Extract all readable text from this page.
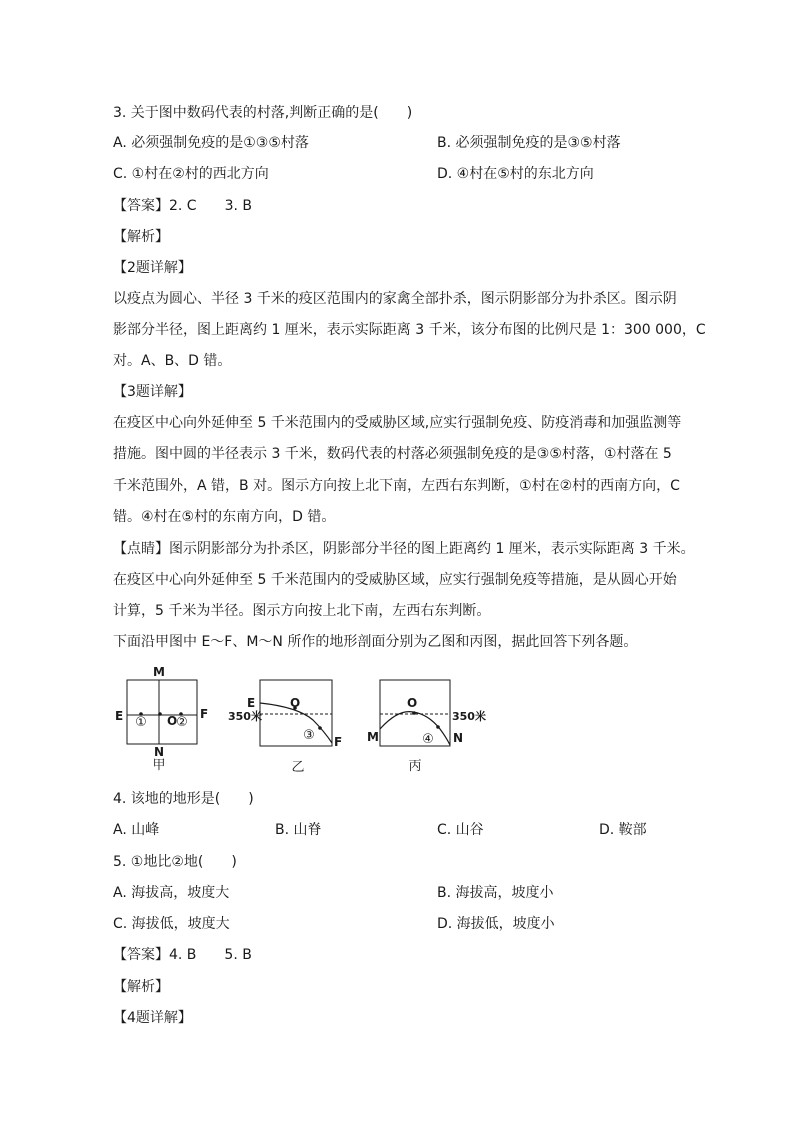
3. 关于图中数码代表的村落,判断正确的是(　　)
A. 必须强制免疫的是①③⑤村落	B. 必须强制免疫的是③⑤村落
C. ①村在②村的西北方向	D. ④村在⑤村的东北方向
【答案】2. C　　3. B
【解析】
【2题详解】
以疫点为圆心、半径 3 千米的疫区范围内的家禽全部扑杀，图示阴影部分为扑杀区。图示阴
影部分半径，图上距离约 1 厘米，表示实际距离 3 千米，该分布图的比例尺是 1：300 000，C
对。A、B、D 错。
【3题详解】
在疫区中心向外延伸至 5 千米范围内的受威胁区域,应实行强制免疫、防疫消毒和加强监测等
措施。图中圆的半径表示 3 千米，数码代表的村落必须强制免疫的是③⑤村落，①村落在 5
千米范围外，A 错，B 对。图示方向按上北下南，左西右东判断，①村在②村的西南方向，C
错。④村在⑤村的东南方向，D 错。
【点睛】图示阴影部分为扑杀区，阴影部分半径的图上距离约 1 厘米，表示实际距离 3 千米。
在疫区中心向外延伸至 5 千米范围内的受威胁区域，应实行强制免疫等措施，是从圆心开始
计算，5 千米为半径。图示方向按上北下南，左西右东判断。
下面沿甲图中 E～F、M～N 所作的地形剖面分别为乙图和丙图，据此回答下列各题。
M
N
E	F
① O
②
甲
E
350米
O
③ F
乙
M
O
350米
④ N
丙
4. 该地的地形是(　　)
A. 山峰	B. 山脊	C. 山谷	D. 鞍部
5. ①地比②地(　　)
A. 海拔高，坡度大	B. 海拔高，坡度小
C. 海拔低，坡度大	D. 海拔低，坡度小
【答案】4. B　　5. B
【解析】
【4题详解】
